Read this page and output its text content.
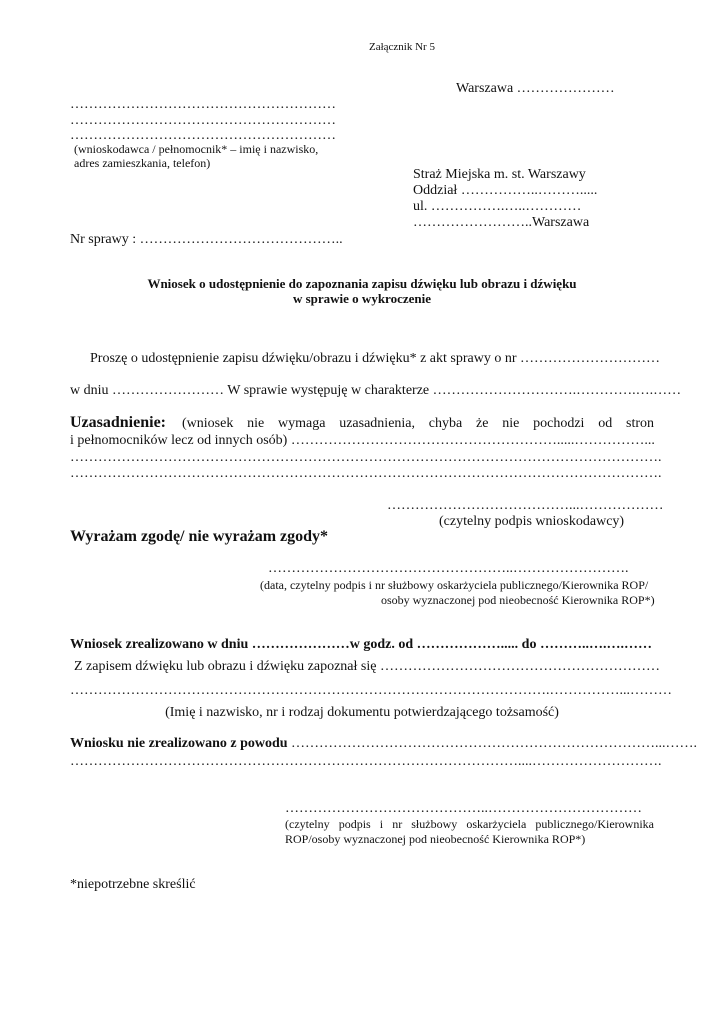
Załącznik Nr 5
Warszawa …………………
…………………………………………………
…………………………………………………
…………………………………………………
(wnioskodawca / pełnomocnik* – imię i nazwisko,
adres zamieszkania, telefon)
Straż Miejska m. st. Warszawy
Oddział ……………..……….....
ul. …………….…..…………
……………………..Warszawa
Nr sprawy : ……………………………………..
Wniosek o udostępnienie do zapoznania zapisu dźwięku lub obrazu i dźwięku
w sprawie o wykroczenie
Proszę o udostępnienie zapisu dźwięku/obrazu i dźwięku* z akt sprawy o nr …………………………
w dniu …………………… W sprawie występuję w charakterze ………………………….………….….……
Uzasadnienie: (wniosek nie wymaga uzasadnienia, chyba że nie pochodzi od stron
i pełnomocników lecz od innych osób) ………………………………………………….....……………...
……………………………………………………………………………………………………………….
……………………………………………………………………………………………………………….
…………………………………...………………
(czytelny podpis wnioskodawcy)
Wyrażam zgodę/ nie wyrażam zgody*
……………………………………………..…………………….
(data, czytelny podpis i nr służbowy oskarżyciela publicznego/Kierownika ROP/
osoby wyznaczonej pod nieobecność Kierownika ROP*)
Wniosek zrealizowano w dniu …………………w godz. od ………………..... do ………..….….……
Z zapisem dźwięku lub obrazu i dźwięku zapoznał się ……………………………………………………
………………………………………………………………………………………….……………...………
(Imię i nazwisko, nr i rodzaj dokumentu potwierdzającego tożsamość)
Wniosku nie zrealizowano z powodu ……………………………………………………………………...…….
……………………………………………………………………………………....……………………….
……………………………………..……………………………
(czytelny podpis i nr służbowy oskarżyciela publicznego/Kierownika
ROP/osoby wyznaczonej pod nieobecność Kierownika ROP*)
*niepotrzebne skreślić
